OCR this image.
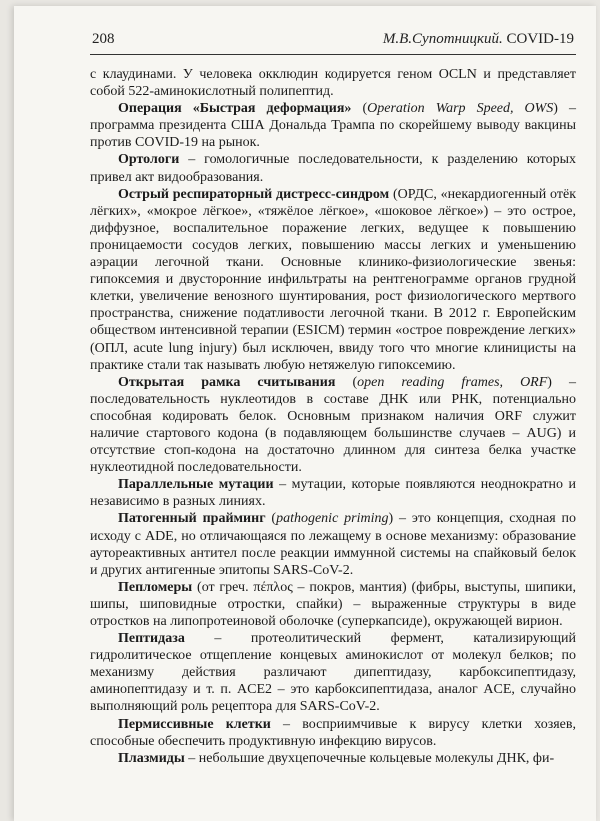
208	М.В.Супотницкий. COVID-19

с клаудинами. У человека окклюдин кодируется геном OCLN и представляет собой 522-аминокислотный полипептид.

Операция «Быстрая деформация» (Operation Warp Speed, OWS) – программа президента США Дональда Трампа по скорейшему выводу вакцины против COVID-19 на рынок.

Ортологи – гомологичные последовательности, к разделению которых привел акт видообразования.

Острый респираторный дистресс-синдром (ОРДС, «некардиогенный отёк лёгких», «мокрое лёгкое», «тяжёлое лёгкое», «шоковое лёгкое») – это острое, диффузное, воспалительное поражение легких, ведущее к повышению проницаемости сосудов легких, повышению массы легких и уменьшению аэрации легочной ткани. Основные клинико-физиологические звенья: гипоксемия и двусторонние инфильтраты на рентгенограмме органов грудной клетки, увеличение венозного шунтирования, рост физиологического мертвого пространства, снижение податливости легочной ткани. В 2012 г. Европейским обществом интенсивной терапии (ESICM) термин «острое повреждение легких» (ОПЛ, acute lung injury) был исключен, ввиду того что многие клиницисты на практике стали так называть любую нетяжелую гипоксемию.

Открытая рамка считывания (open reading frames, ORF) – последовательность нуклеотидов в составе ДНК или РНК, потенциально способная кодировать белок. Основным признаком наличия ORF служит наличие стартового кодона (в подавляющем большинстве случаев – AUG) и отсутствие стоп-кодона на достаточно длинном для синтеза белка участке нуклеотидной последовательности.

Параллельные мутации – мутации, которые появляются неоднократно и независимо в разных линиях.

Патогенный прайминг (pathogenic priming) – это концепция, сходная по исходу с ADE, но отличающаяся по лежащему в основе механизму: образование аутореактивных антител после реакции иммунной системы на спайковый белок и других антигенные эпитопы SARS-CoV-2.

Пепломеры (от греч. πέπλος – покров, мантия) (фибры, выступы, шипики, шипы, шиповидные отростки, спайки) – выраженные структуры в виде отростков на липопротеиновой оболочке (суперкапсиде), окружающей вирион.

Пептидаза – протеолитический фермент, катализирующий гидролитическое отщепление концевых аминокислот от молекул белков; по механизму действия различают дипептидазу, карбоксипептидазу, аминопептидазу и т. п. ACE2 – это карбоксипептидаза, аналог ACE, случайно выполняющий роль рецептора для SARS-CoV-2.

Пермиссивные клетки – восприимчивые к вирусу клетки хозяев, способные обеспечить продуктивную инфекцию вирусов.

Плазмиды – небольшие двухцепочечные кольцевые молекулы ДНК, фи-
